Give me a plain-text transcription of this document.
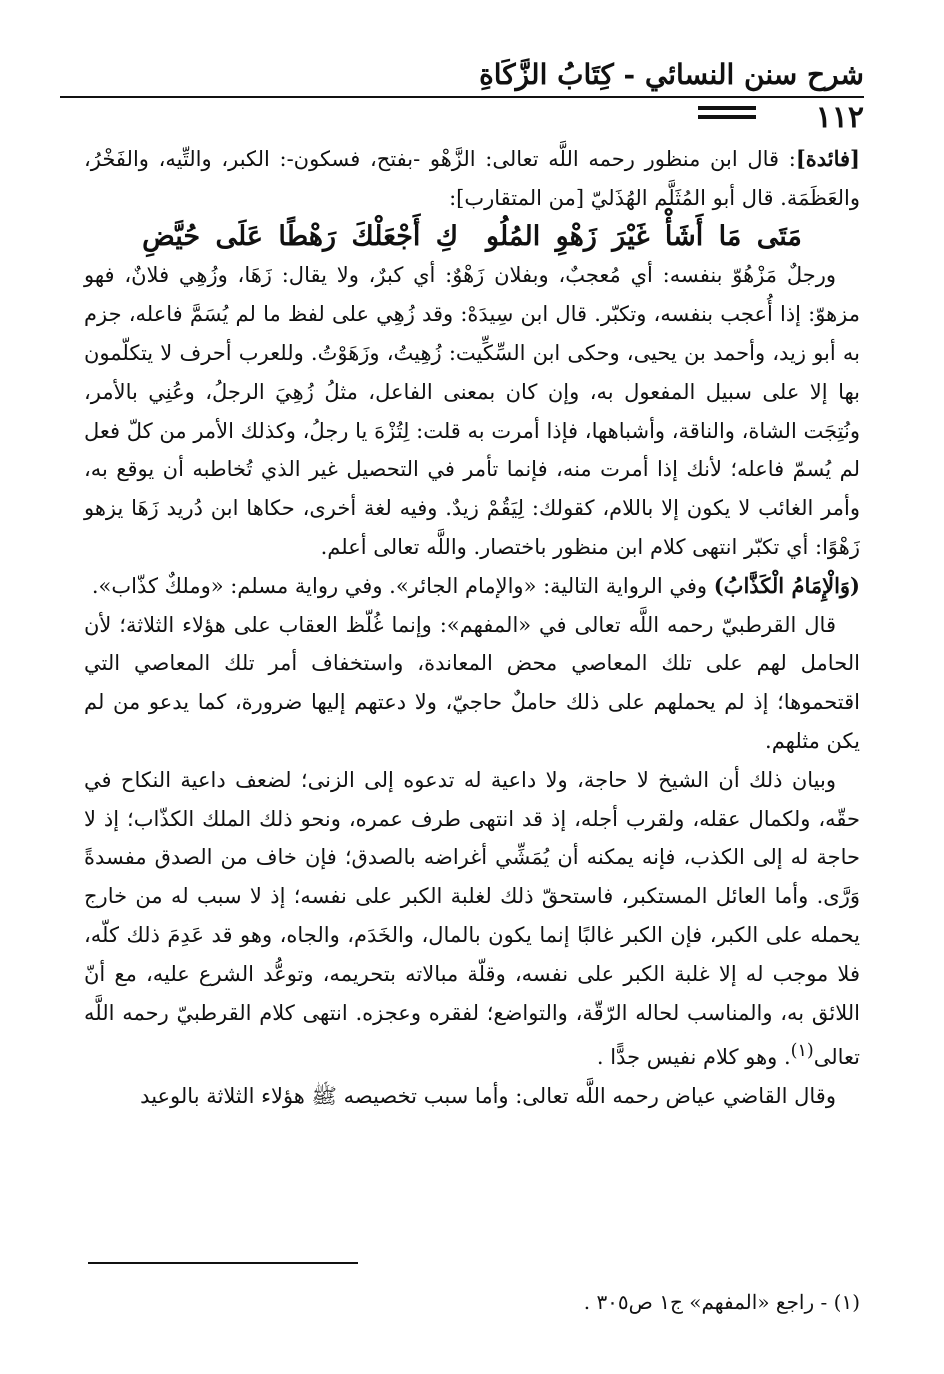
شرح سنن النسائي - كِتَابُ الزَّكَاةِ
١١٢

[فائدة]: قال ابن منظور رحمه اللَّه تعالى: الزَّهْو -بفتح، فسكون-: الكبر، والتِّيه، والفَخْرُ، والعَظَمَة. قال أبو المُثَلَّم الهُذَليّ [من المتقارب]:

مَتَى مَا أَشَأْ غَيْرَ زَهْوِ المُلُوكِ أَجْعَلْكَ رَهْطًا عَلَى حُيَّضِ

ورجلٌ مَزْهُوّ بنفسه: أي مُعجبٌ، وبفلان زَهْوٌ: أي كبرٌ، ولا يقال: زَهَا، وزُهِي فلانٌ، فهو مزهوّ: إذا أُعجب بنفسه، وتكبّر. قال ابن سِيدَهْ: وقد زُهِي على لفظ ما لم يُسَمَّ فاعله، جزم به أبو زيد، وأحمد بن يحيى، وحكى ابن السِّكِّيت: زُهِيتُ، وزَهَوْتُ. وللعرب أحرف لا يتكلّمون بها إلا على سبيل المفعول به، وإن كان بمعنى الفاعل، مثلُ زُهِيَ الرجلُ، وعُنِي بالأمر، ونُتِجَت الشاة، والناقة، وأشباهها، فإذا أمرت به قلت: لِتُزْهَ يا رجلُ، وكذلك الأمر من كلّ فعل لم يُسمّ فاعله؛ لأنك إذا أمرت منه، فإنما تأمر في التحصيل غير الذي تُخاطبه أن يوقع به، وأمر الغائب لا يكون إلا باللام، كقولك: لِيَقُمْ زيدٌ. وفيه لغة أخرى، حكاها ابن دُريد زَهَا يزهو زَهْوًا: أي تكبّر انتهى كلام ابن منظور باختصار. واللَّه تعالى أعلم.

(وَالْإِمَامُ الْكَذَّابُ) وفي الرواية التالية: «والإمام الجائر». وفي رواية مسلم: «وملكٌ كذّاب».

قال القرطبيّ رحمه اللَّه تعالى في «المفهم»: وإنما غُلّظ العقاب على هؤلاء الثلاثة؛ لأن الحامل لهم على تلك المعاصي محض المعاندة، واستخفاف أمر تلك المعاصي التي اقتحموها؛ إذ لم يحملهم على ذلك حاملٌ حاجيّ، ولا دعتهم إليها ضرورة، كما يدعو من لم يكن مثلهم.

وبيان ذلك أن الشيخ لا حاجة، ولا داعية له تدعوه إلى الزنى؛ لضعف داعية النكاح في حقّه، ولكمال عقله، ولقرب أجله، إذ قد انتهى طرف عمره، ونحو ذلك الملك الكذّاب؛ إذ لا حاجة له إلى الكذب، فإنه يمكنه أن يُمَشِّي أغراضه بالصدق؛ فإن خاف من الصدق مفسدةً وَرَّى. وأما العائل المستكبر، فاستحقّ ذلك لغلبة الكبر على نفسه؛ إذ لا سبب له من خارج يحمله على الكبر، فإن الكبر غالبًا إنما يكون بالمال، والخَدَم، والجاه، وهو قد عَدِمَ ذلك كلّه، فلا موجب له إلا غلبة الكبر على نفسه، وقلّة مبالاته بتحريمه، وتوعُّد الشرع عليه، مع أنّ اللائق به، والمناسب لحاله الرّقّة، والتواضع؛ لفقره وعجزه. انتهى كلام القرطبيّ رحمه اللَّه تعالى$^{(١)}$. وهو كلام نفيس جدًّا .

وقال القاضي عياض رحمه اللَّه تعالى: وأما سبب تخصيصه ﷺ هؤلاء الثلاثة بالوعيد

(١) - راجع «المفهم» ج١ ص٣٠٥ .
